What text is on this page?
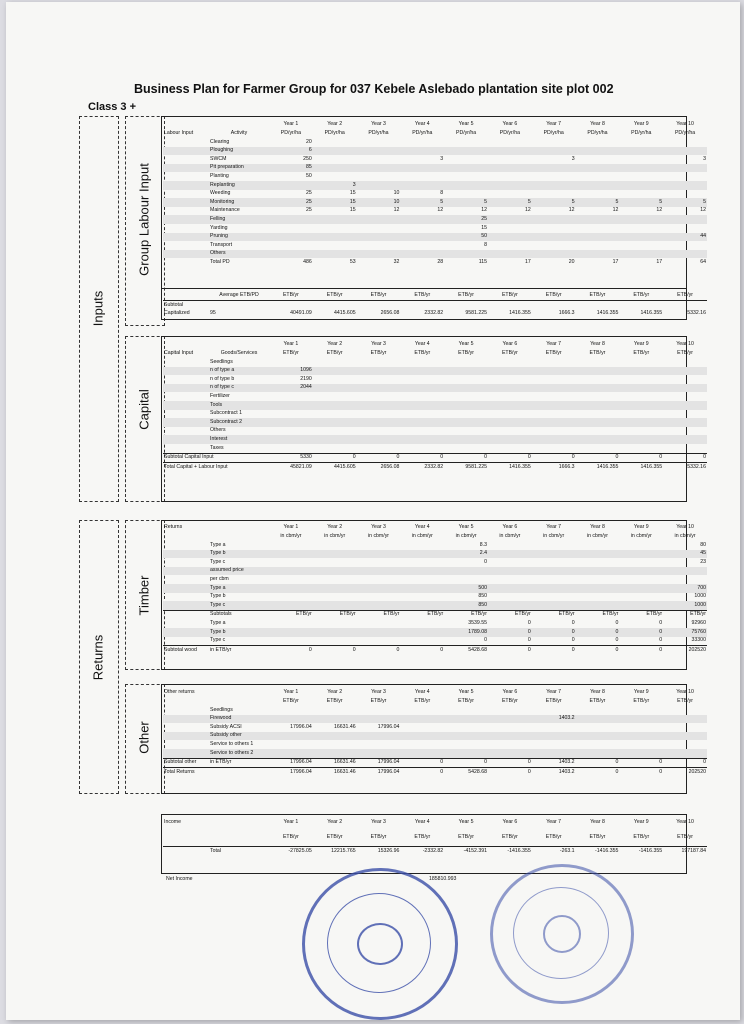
Business Plan for Farmer Group for 037 Kebele Aslebado plantation site plot 002
Class 3 +
Inputs
Group Labour Input
Capital
Returns
Timber
Other
		Year 1	Year 2	Year 3	Year 4	Year 5	Year 6	Year 7	Year 8	Year 9	Year 10
Labour Input	Activity	PD/yr/ha	PD/yr/ha	PD/yr/ha	PD/yr/ha	PD/yr/ha	PD/yr/ha	PD/yr/ha	PD/yr/ha	PD/yr/ha	PD/yr/ha
	Clearing	20									
	Ploughing	6									
	SWCM	250			3			3			3
	Pit preparation	85									
	Planting	50									
	Replanting		3								
	Weeding	25	15	10	8						
	Monitoring	25	15	10	5	5	5	5	5	5	5
	Maintenance	25	15	12	12	12	12	12	12	12	12
	Felling					25					
	Yarding					15					
	Pruning					50					44
	Transport					8					
	Others										
	Total PD	486	53	32	28	115	17	20	17	17	64
	Average ETB/PD	ETB/yr	ETB/yr	ETB/yr	ETB/yr	ETB/yr	ETB/yr	ETB/yr	ETB/yr	ETB/yr	ETB/yr
Subtotal											
Capitalized	95	40491.09	4415.605	2656.08	2332.82	9581.225	1416.355	1666.3	1416.355	1416.355	5332.16
		Year 1	Year 2	Year 3	Year 4	Year 5	Year 6	Year 7	Year 8	Year 9	Year 10
Capital Input	Goods/Services	ETB/yr	ETB/yr	ETB/yr	ETB/yr	ETB/yr	ETB/yr	ETB/yr	ETB/yr	ETB/yr	ETB/yr
	Seedlings										
	n of type a	1096									
	n of type b	2190									
	n of type c	2044									
	Fertilizer										
	Tools										
	Subcontract 1										
	Subcontract 2										
	Others										
	Interest										
	Taxes										
Subtotal Capital Input		5330	0	0	0	0	0	0	0	0	0
Total Capital + Labour Input		45821.09	4415.605	2656.08	2332.82	9581.225	1416.355	1666.3	1416.355	1416.355	5332.16
Returns		Year 1	Year 2	Year 3	Year 4	Year 5	Year 6	Year 7	Year 8	Year 9	Year 10
		in cbm/yr	in cbm/yr	in cbm/yr	in cbm/yr	in cbm/yr	in cbm/yr	in cbm/yr	in cbm/yr	in cbm/yr	in cbm/yr
	Type a					8.3					80
	Type b					2.4					45
	Type c					0					23
	assumed price										
	per cbm										
	Type a					500					700
	Type b					850					1000
	Type c					850					1000
	Subtotals	ETB/yr	ETB/yr	ETB/yr	ETB/yr	ETB/yr	ETB/yr	ETB/yr	ETB/yr	ETB/yr	ETB/yr
	Type a					3539.55	0	0	0	0	92960
	Type b					1789.08	0	0	0	0	75760
	Type c					0	0	0	0	0	33300
Subtotal wood	in ETB/yr	0	0	0	0	5428.68	0	0	0	0	202520
Other returns		Year 1	Year 2	Year 3	Year 4	Year 5	Year 6	Year 7	Year 8	Year 9	Year 10
		ETB/yr	ETB/yr	ETB/yr	ETB/yr	ETB/yr	ETB/yr	ETB/yr	ETB/yr	ETB/yr	ETB/yr
	Seedlings										
	Firewood							1403.2			
	Subsidy ACSI	17996.04	16631.46	17996.04							
	Subsidy other										
	Service to others 1										
	Service to others 2										
Subtotal other	in ETB/yr	17996.04	16631.46	17996.04	0	0	0	1403.2	0	0	0
Total Returns		17996.04	16631.46	17996.04	0	5428.68	0	1403.2	0	0	202520
Income		Year 1	Year 2	Year 3	Year 4	Year 5	Year 6	Year 7	Year 8	Year 9	Year 10

		ETB/yr	ETB/yr	ETB/yr	ETB/yr	ETB/yr	ETB/yr	ETB/yr	ETB/yr	ETB/yr	ETB/yr

	Total	-27825.05	12215.765	15326.96	-2332.82	-4152.391	-1416.355	-263.1	-1416.355	-1416.355	197187.84
Net Income	185810.993
